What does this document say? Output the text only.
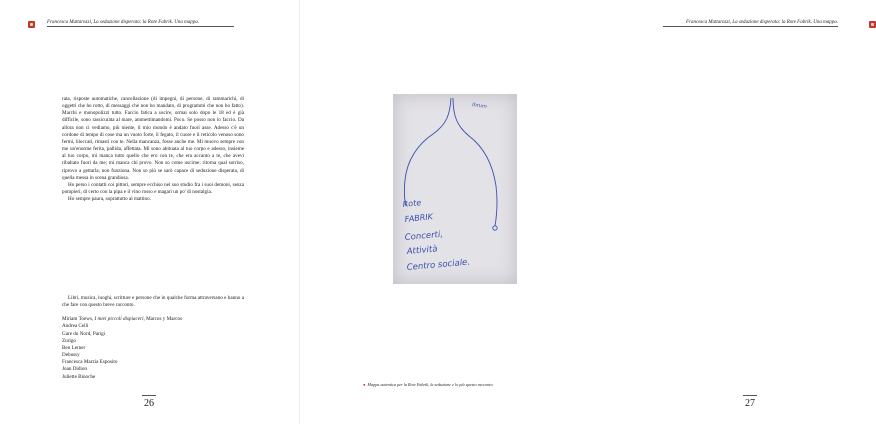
Francesca Mattarozzi, La seduzione disperata: la Rote Fabrik. Una mappa.

rata, risposte automatiche, cancellazione (di impegni, di persone, di rammarichi, di oggetti che ho rotto, di messaggi che non ho mandato, di programmi che non ho fatto). Marchi e monopolizzi tutto. Faccio fatica a uscire, ormai solo dopo le 18 ed è già difficile, sono rassicurata al mare, ammettimandomi. Poco. Se posso non lo faccio. Da allora non ci vediamo, più niente, il mio mondo è andato fuori asse. Adesso c'è un cordone di tempo di cose ma un vuoto forte, il fegato, il cuore e il reticolo venoso sono fermi, bloccati, rimasti con te. Nella mancanza, fosse anche me. Mi muovo sempre con me un'enorme ferita, pallida, affettata. Mi sono abituata al tuo corpo e adesso, insieme al tuo corpo, mi manca tutto quello che ero con te, che era accanto a te, che avevi ribaltato fuori da me; mi manca chi provo. Non so come uscirne; ritorna qual sorriso, riprovo a gettarla; non funziona. Non so più se sarò capace di seduzione disperata, di quella messa in scena grandiosa.

Ho perso i contatti coi pittori, sempre ecchiso nel suo studio fra i suoi demoni, senza pompieri, di certo con la pipa e il vino rosso e magari un po' di nostalgia.

Ho sempre paura, soprattutto al mattino.

Libri, musica, luoghi, scritture e persone che in qualche forma attraversano e hanno a che fare con questo breve racconto.

Miriam Toews, I miei piccoli dispiaceri, Marcos y Marcos
Andrea Celli
Gare du Nord, Parigi
Zurigo
Ben Lerner
Debussy
Francesca Marzia Esposito
Joan Didion
Juliette Binoche
26
Francesca Mattarozzi, La seduzione disperata: la Rote Fabrik. Una mappa.
27
Ihrum
Rote
FABRIK
Concerti,
Attività
Centro sociale.
● Mappa autentica per la Rote Fabrik, la seduzione e lo più questo racconto.
